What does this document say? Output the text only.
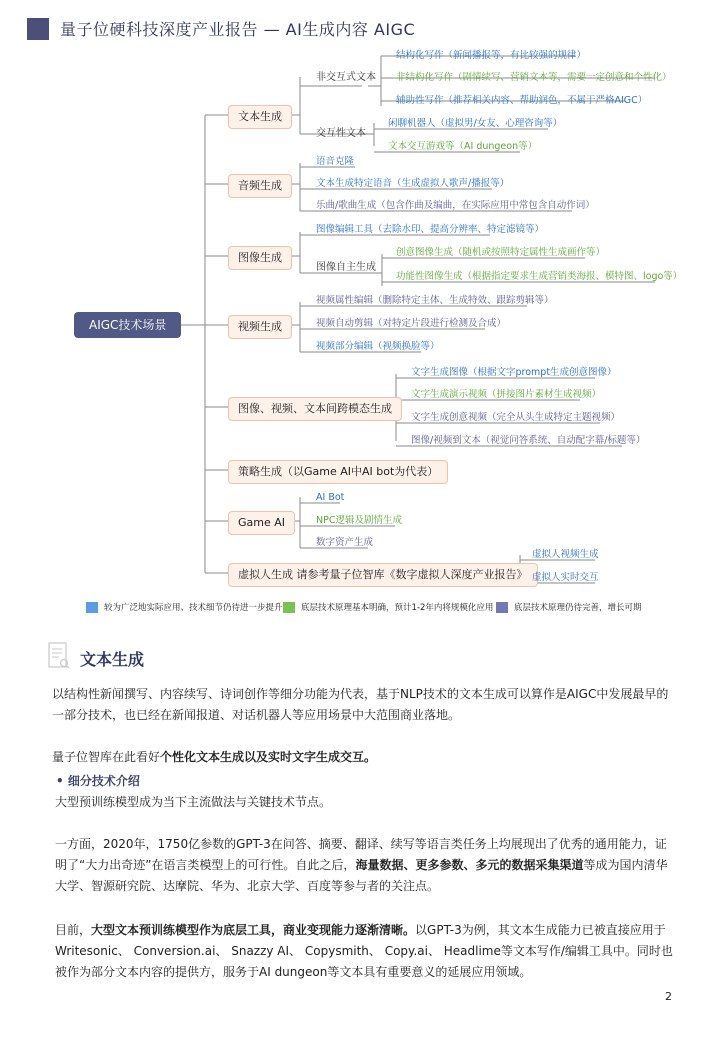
量子位硬科技深度产业报告 — AI生成内容 AIGC
AIGC技术场景
文本生成
音频生成
图像生成
视频生成
图像、视频、文本间跨模态生成
策略生成（以Game AI中AI bot为代表）
Game AI
虚拟人生成 请参考量子位智库《数字虚拟人深度产业报告》
非交互式文本
交互性文本
结构化写作（新闻播报等，有比较强的规律）
非结构化写作（剧情续写、营销文本等，需要一定创意和个性化）
辅助性写作（推荐相关内容、帮助润色，不属于严格AIGC）
闲聊机器人（虚拟男/女友、心理咨询等）
文本交互游戏等（AI dungeon等）
语音克隆
文本生成特定语音（生成虚拟人歌声/播报等）
乐曲/歌曲生成（包含作曲及编曲，在实际应用中常包含自动作词）
图像编辑工具（去除水印、提高分辨率、特定滤镜等）
图像自主生成
创意图像生成（随机或按照特定属性生成画作等）
功能性图像生成（根据指定要求生成营销类海报、模特图、logo等）
视频属性编辑（删除特定主体、生成特效、跟踪剪辑等）
视频自动剪辑（对特定片段进行检测及合成）
视频部分编辑（视频换脸等）
文字生成图像（根据文字prompt生成创意图像）
文字生成演示视频（拼接图片素材生成视频）
文字生成创意视频（完全从头生成特定主题视频）
图像/视频到文本（视觉问答系统、自动配字幕/标题等）
AI Bot
NPC逻辑及剧情生成
数字资产生成
虚拟人视频生成
虚拟人实时交互
较为广泛地实际应用、技术细节仍待进一步提升 底层技术原理基本明确，预计1-2年内将规模化应用 底层技术原理仍待完善，增长可期
文本生成
以结构性新闻撰写、内容续写、诗词创作等细分功能为代表，基于NLP技术的文本生成可以算作是AIGC中发展最早的一部分技术，也已经在新闻报道、对话机器人等应用场景中大范围商业落地。
量子位智库在此看好个性化文本生成以及实时文字生成交互。
• 细分技术介绍
大型预训练模型成为当下主流做法与关键技术节点。
一方面，2020年，1750亿参数的GPT-3在问答、摘要、翻译、续写等语言类任务上均展现出了优秀的通用能力，证明了“大力出奇迹”在语言类模型上的可行性。自此之后，海量数据、更多参数、多元的数据采集渠道等成为国内清华大学、智源研究院、达摩院、华为、北京大学、百度等参与者的关注点。
目前，大型文本预训练模型作为底层工具，商业变现能力逐渐清晰。以GPT-3为例，其文本生成能力已被直接应用于Writesonic、 Conversion.ai、 Snazzy AI、 Copysmith、 Copy.ai、 Headlime等文本写作/编辑工具中。同时也被作为部分文本内容的提供方，服务于AI dungeon等文本具有重要意义的延展应用领域。
2
